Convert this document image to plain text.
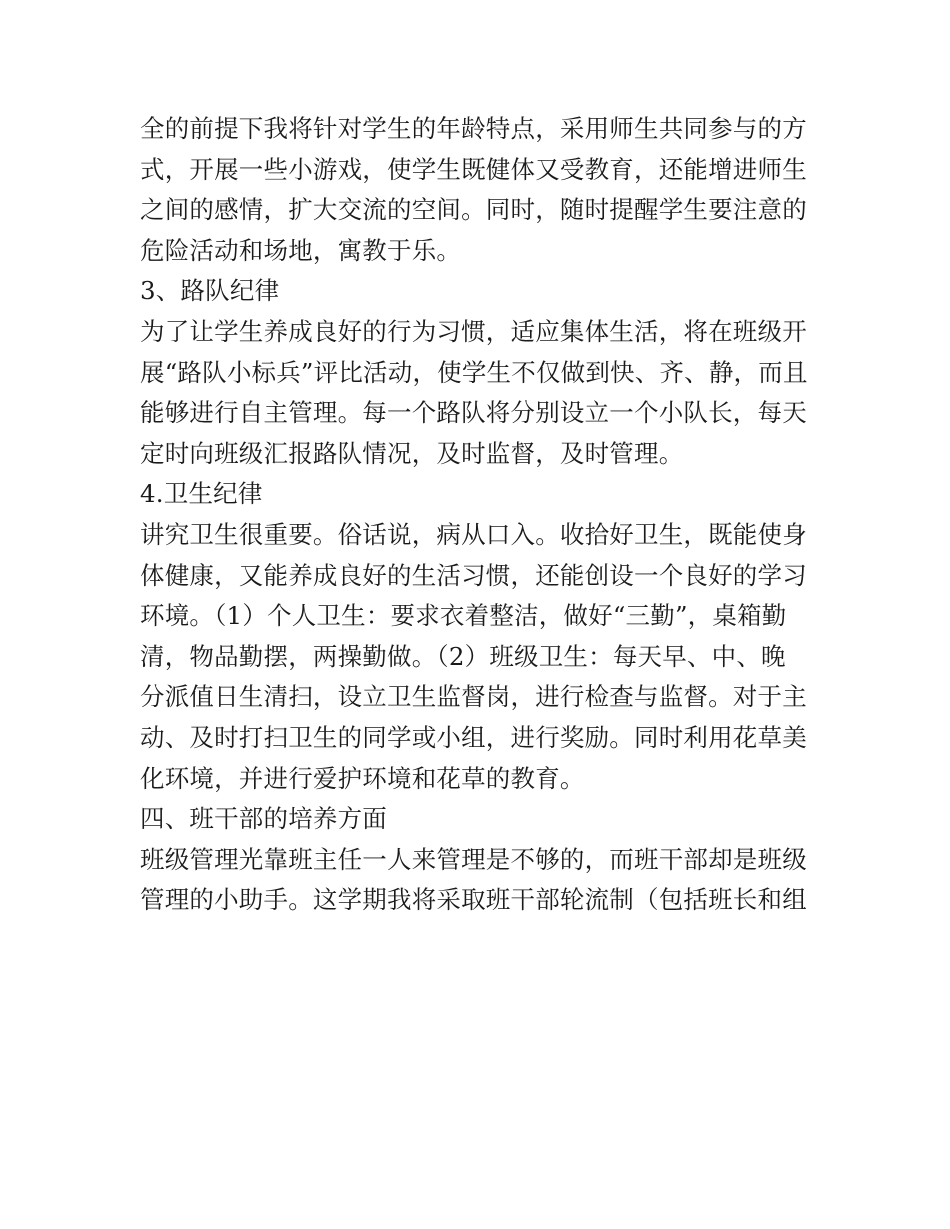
全的前提下我将针对学生的年龄特点，采用师生共同参与的方
式，开展一些小游戏，使学生既健体又受教育，还能增进师生
之间的感情，扩大交流的空间。同时，随时提醒学生要注意的
危险活动和场地，寓教于乐。
3、路队纪律
为了让学生养成良好的行为习惯，适应集体生活，将在班级开
展“路队小标兵”评比活动，使学生不仅做到快、齐、静，而且
能够进行自主管理。每一个路队将分别设立一个小队长，每天
定时向班级汇报路队情况，及时监督，及时管理。
4.卫生纪律
讲究卫生很重要。俗话说，病从口入。收拾好卫生，既能使身
体健康，又能养成良好的生活习惯，还能创设一个良好的学习
环境。（1）个人卫生：要求衣着整洁，做好“三勤”，桌箱勤
清，物品勤摆，两操勤做。（2）班级卫生：每天早、中、晚
分派值日生清扫，设立卫生监督岗，进行检查与监督。对于主
动、及时打扫卫生的同学或小组，进行奖励。同时利用花草美
化环境，并进行爱护环境和花草的教育。
四、班干部的培养方面
班级管理光靠班主任一人来管理是不够的，而班干部却是班级
管理的小助手。这学期我将采取班干部轮流制（包括班长和组
